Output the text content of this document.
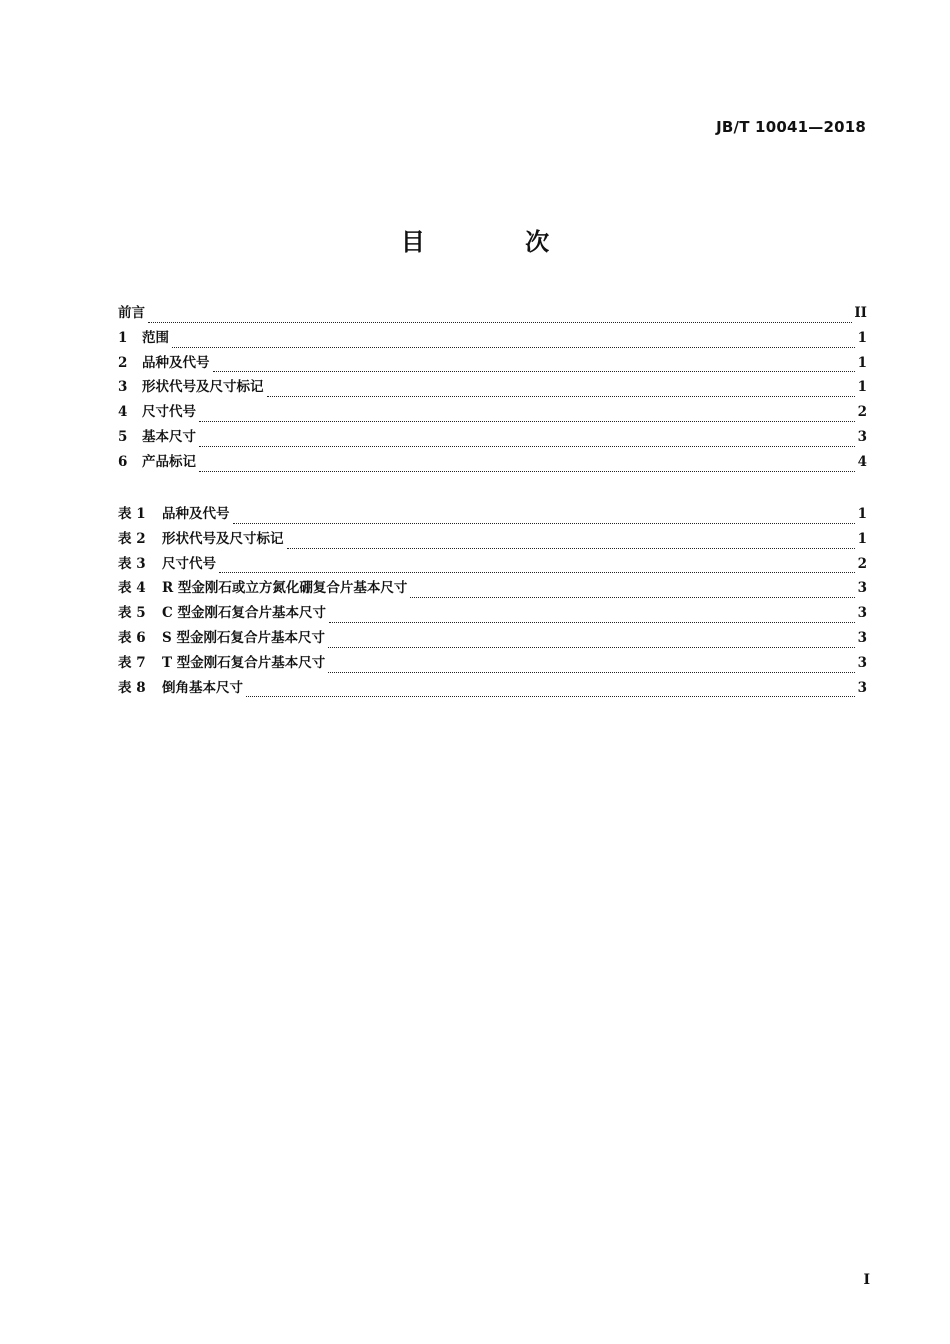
JB/T 10041—2018
目 次
前言	II
1	范围	1
2	品种及代号	1
3	形状代号及尺寸标记	1
4	尺寸代号	2
5	基本尺寸	3
6	产品标记	4
表 1	品种及代号	1
表 2	形状代号及尺寸标记	1
表 3	尺寸代号	2
表 4	R 型金刚石或立方氮化硼复合片基本尺寸	3
表 5	C 型金刚石复合片基本尺寸	3
表 6	S 型金刚石复合片基本尺寸	3
表 7	T 型金刚石复合片基本尺寸	3
表 8	倒角基本尺寸	3
I
